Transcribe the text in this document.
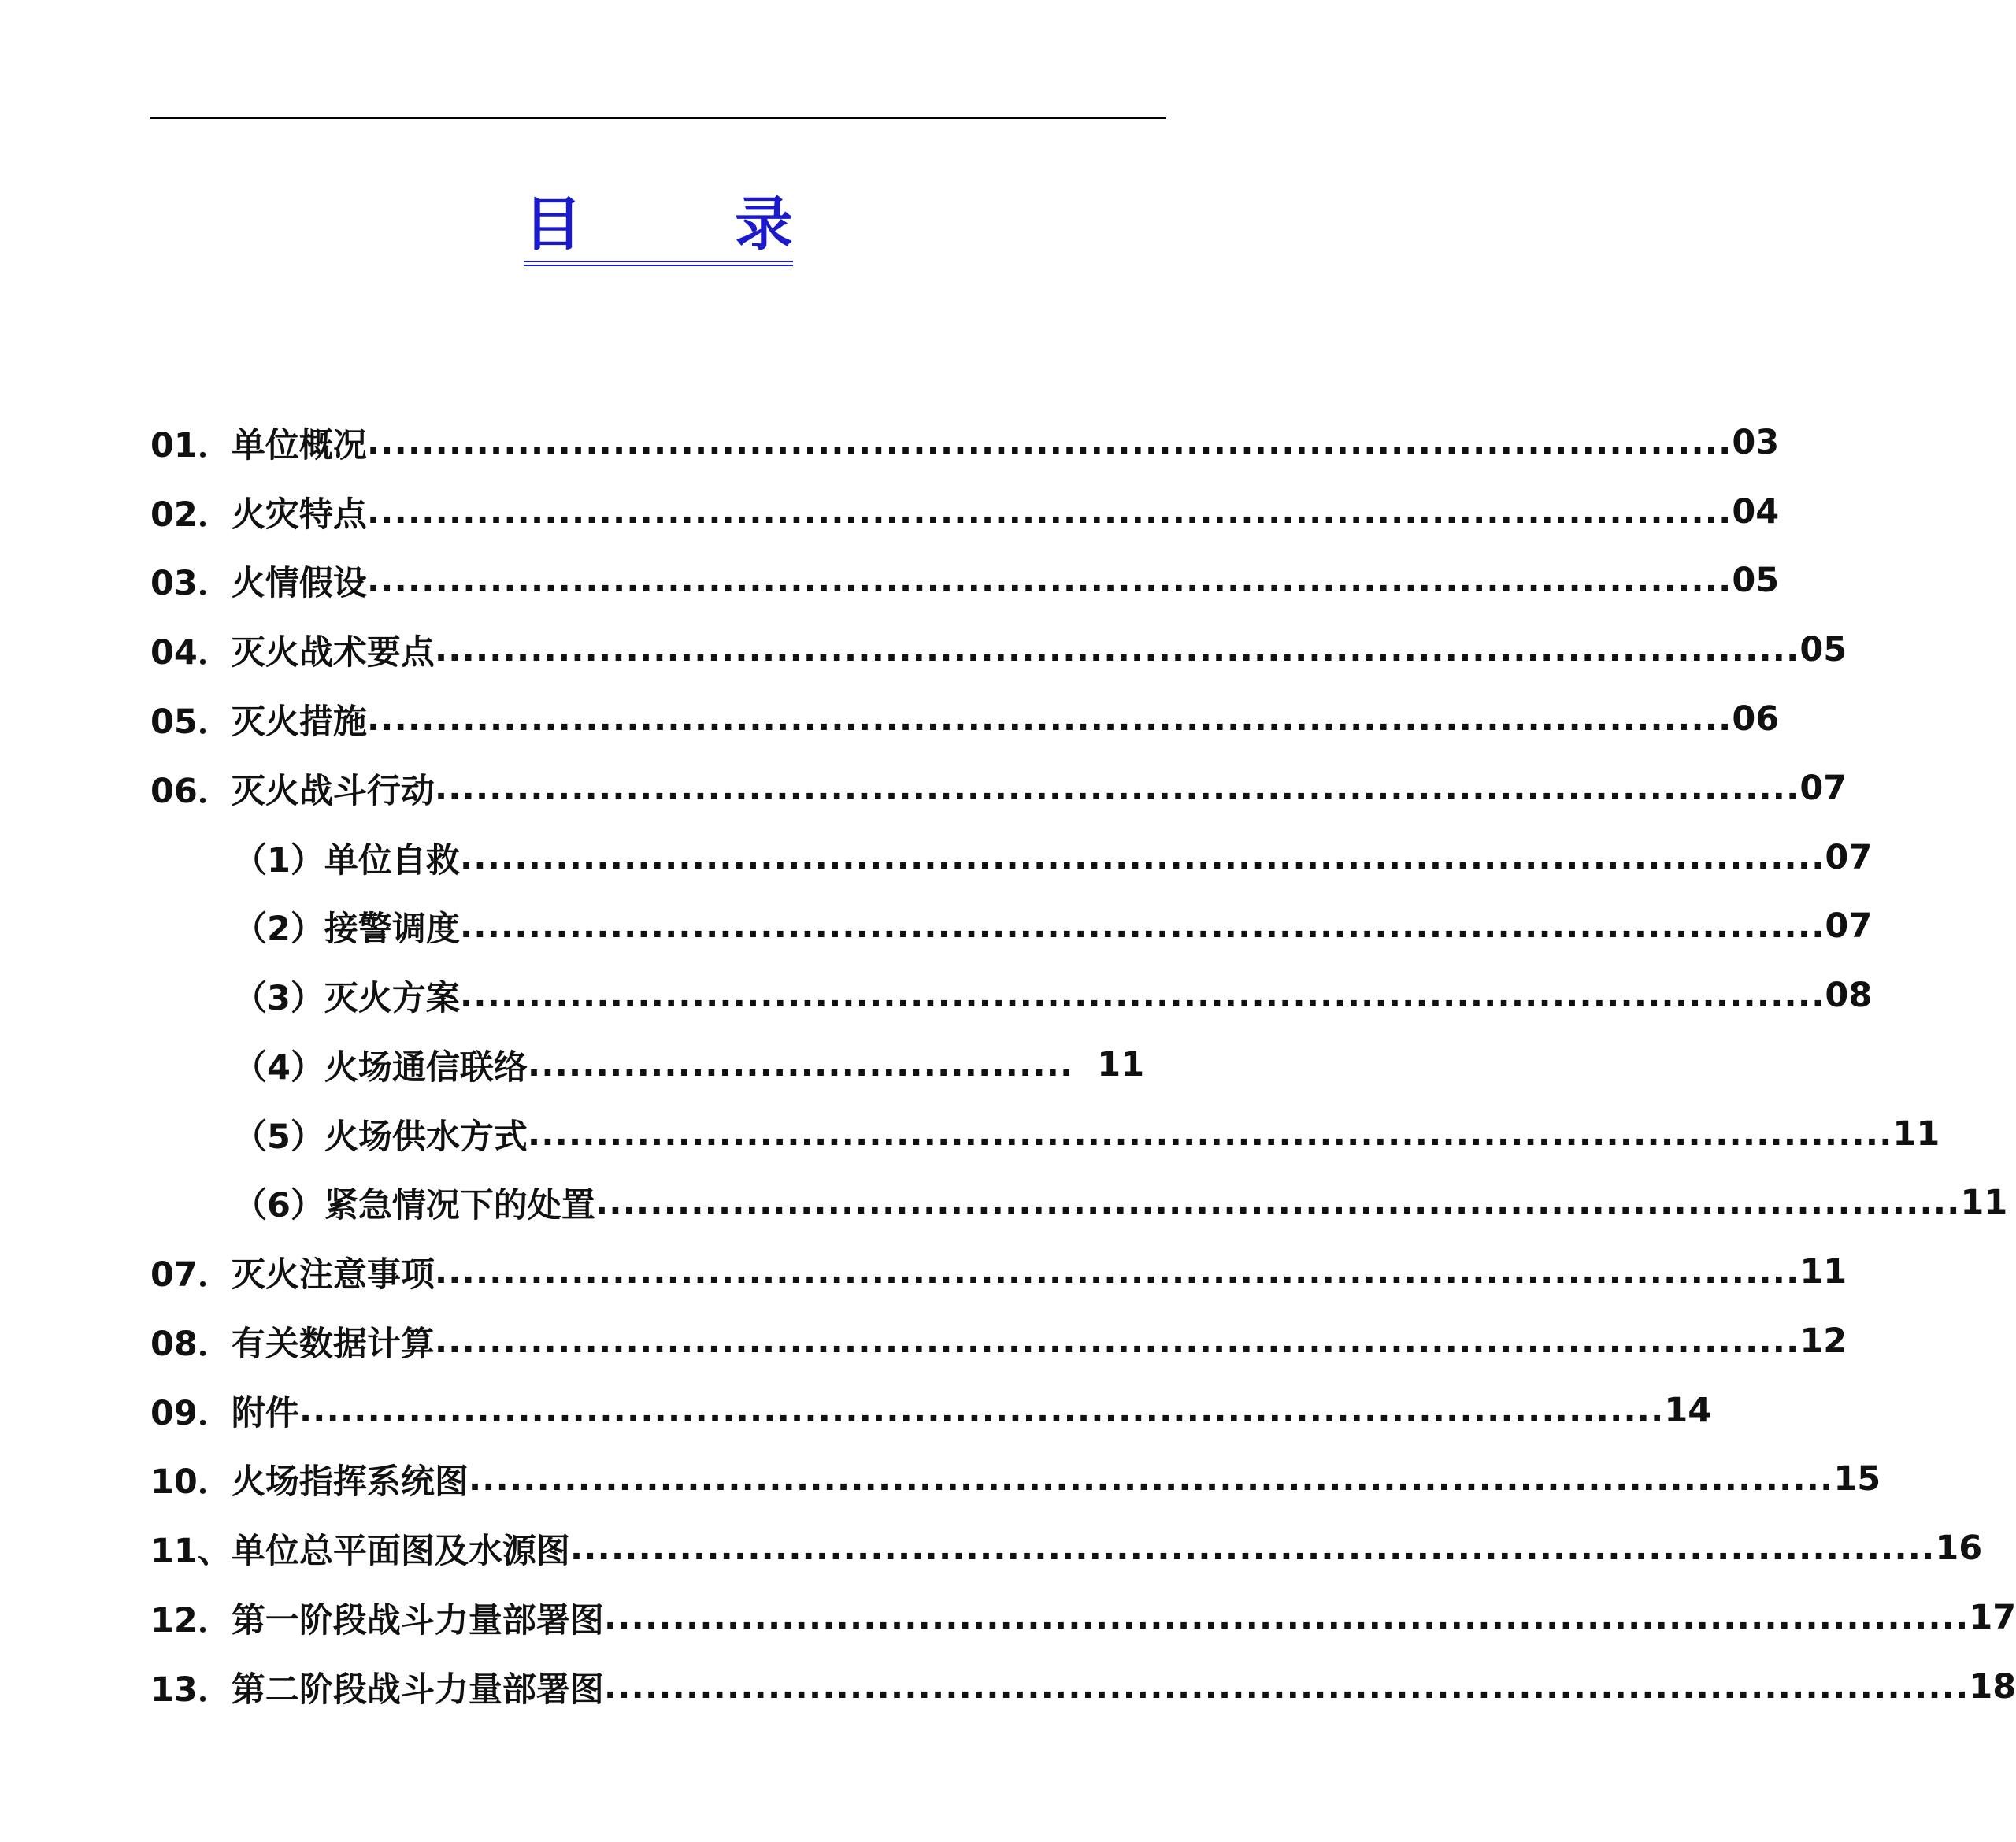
目	录
01． 单位概况 .................................................................................................... 03
02． 火灾特点 .................................................................................................... 04
03． 火情假设 .................................................................................................... 05
04． 灭火战术要点 .................................................................................................... 05
05． 灭火措施 .................................................................................................... 06
06． 灭火战斗行动 .................................................................................................... 07
（1） 单位自救 .................................................................................................... 07
（2） 接警调度 .................................................................................................... 07
（3） 灭火方案 .................................................................................................... 08
（4） 火场通信联络 ........................................ 11
（5） 火场供水方式 .................................................................................................... 11
（6） 紧急情况下的处置 .................................................................................................... 11
07． 灭火注意事项 .................................................................................................... 11
08． 有关数据计算 .................................................................................................... 12
09． 附件 .................................................................................................... 14
10． 火场指挥系统图 .................................................................................................... 15
11、 单位总平面图及水源图 .................................................................................................... 16
12． 第一阶段战斗力量部署图 .................................................................................................... 17
13． 第二阶段战斗力量部署图 .................................................................................................... 18
